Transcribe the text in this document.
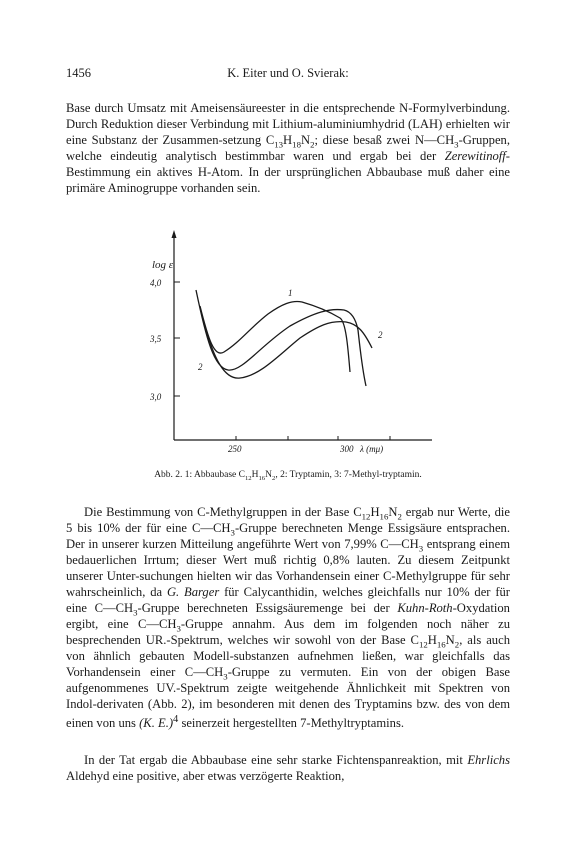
1456	K. Eiter und O. Svierak:

Base durch Umsatz mit Ameisensäureester in die entsprechende N-Formylverbindung. Durch Reduktion dieser Verbindung mit Lithium-aluminiumhydrid (LAH) erhielten wir eine Substanz der Zusammen-setzung $C_{13}H_{18}N_2$; diese besaß zwei $N—CH_3$-Gruppen, welche eindeutig analytisch bestimmbar waren und ergab bei der Zerewitinoff-Bestimmung ein aktives H-Atom. In der ursprünglichen Abbaubase muß daher eine primäre Aminogruppe vorhanden sein.

log ε
4,0
3,5
3,0
250	300 λ (mμ)
1
2
2
Abb. 2. 1: Abbaubase $C_{12}H_{16}N_2$, 2: Tryptamin, 3: 7-Methyl-tryptamin.

Die Bestimmung von C-Methylgruppen in der Base $C_{12}H_{16}N_2$ ergab nur Werte, die 5 bis 10% der für eine $C—CH_3$-Gruppe berechneten Menge Essigsäure entsprachen. Der in unserer kurzen Mitteilung angeführte Wert von 7,99% $C—CH_3$ entsprang einem bedauerlichen Irrtum; dieser Wert muß richtig 0,8% lauten. Zu diesem Zeitpunkt unserer Unter-suchungen hielten wir das Vorhandensein einer C-Methylgruppe für sehr wahrscheinlich, da G. Barger für Calycanthidin, welches gleichfalls nur 10% der für eine $C—CH_3$-Gruppe berechneten Essigsäuremenge bei der Kuhn-Roth-Oxydation ergibt, eine $C—CH_3$-Gruppe annahm. Aus dem im folgenden noch näher zu besprechenden UR.-Spektrum, welches wir sowohl von der Base $C_{12}H_{16}N_2$, als auch von ähnlich gebauten Modell-substanzen aufnehmen ließen, war gleichfalls das Vorhandensein einer $C—CH_3$-Gruppe zu vermuten. Ein von der obigen Base aufgenommenes UV.-Spektrum zeigte weitgehende Ähnlichkeit mit Spektren von Indol-derivaten (Abb. 2), im besonderen mit denen des Tryptamins bzw. des von dem einen von uns (K. E.)$^4$ seinerzeit hergestellten 7-Methyltryptamins.

In der Tat ergab die Abbaubase eine sehr starke Fichtenspanreaktion, mit Ehrlichs Aldehyd eine positive, aber etwas verzögerte Reaktion,
